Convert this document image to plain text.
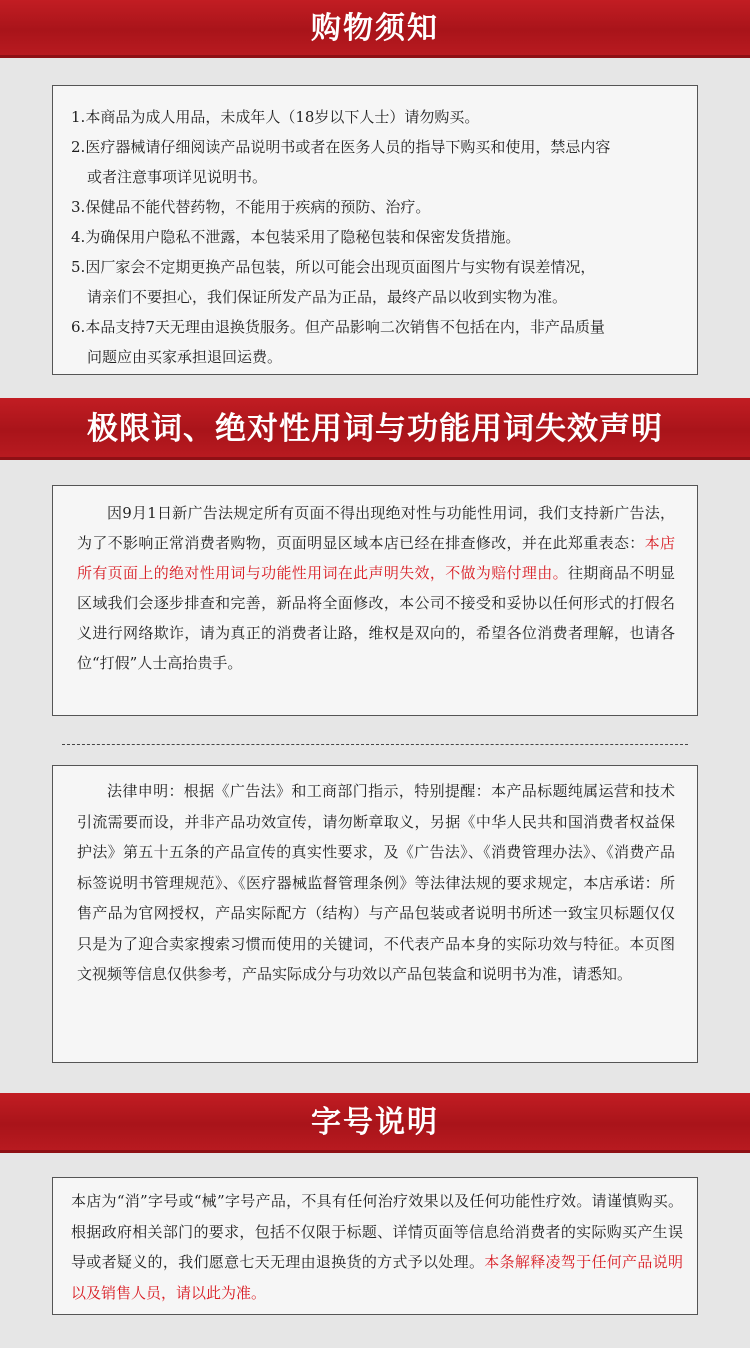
购物须知
1.本商品为成人用品，未成年人（18岁以下人士）请勿购买。
2.医疗器械请仔细阅读产品说明书或者在医务人员的指导下购买和使用，禁忌内容
或者注意事项详见说明书。
3.保健品不能代替药物，不能用于疾病的预防、治疗。
4.为确保用户隐私不泄露，本包装采用了隐秘包装和保密发货措施。
5.因厂家会不定期更换产品包装，所以可能会出现页面图片与实物有误差情况，
请亲们不要担心，我们保证所发产品为正品，最终产品以收到实物为准。
6.本品支持7天无理由退换货服务。但产品影响二次销售不包括在内，非产品质量
问题应由买家承担退回运费。
极限词、绝对性用词与功能用词失效声明

因9月1日新广告法规定所有页面不得出现绝对性与功能性用词，我们支持新广告法，为了不影响正常消费者购物，页面明显区域本店已经在排查修改，并在此郑重表态：本店所有页面上的绝对性用词与功能性用词在此声明失效，不做为赔付理由。往期商品不明显区域我们会逐步排查和完善，新品将全面修改，本公司不接受和妥协以任何形式的打假名义进行网络欺诈，请为真正的消费者让路，维权是双向的，希望各位消费者理解，也请各位“打假”人士高抬贵手。

法律申明：根据《广告法》和工商部门指示，特别提醒：本产品标题纯属运营和技术引流需要而设，并非产品功效宣传，请勿断章取义，另据《中华人民共和国消费者权益保护法》第五十五条的产品宣传的真实性要求，及《广告法》、《消费管理办法》、《消费产品标签说明书管理规范》、《医疗器械监督管理条例》等法律法规的要求规定，本店承诺：所售产品为官网授权，产品实际配方（结构）与产品包装或者说明书所述一致宝贝标题仅仅只是为了迎合卖家搜索习惯而使用的关键词，不代表产品本身的实际功效与特征。本页图文视频等信息仅供参考，产品实际成分与功效以产品包装盒和说明书为准，请悉知。

字号说明

本店为“消”字号或“械”字号产品，不具有任何治疗效果以及任何功能性疗效。请谨慎购买。根据政府相关部门的要求，包括不仅限于标题、详情页面等信息给消费者的实际购买产生误导或者疑义的，我们愿意七天无理由退换货的方式予以处理。本条解释凌驾于任何产品说明以及销售人员，请以此为准。
